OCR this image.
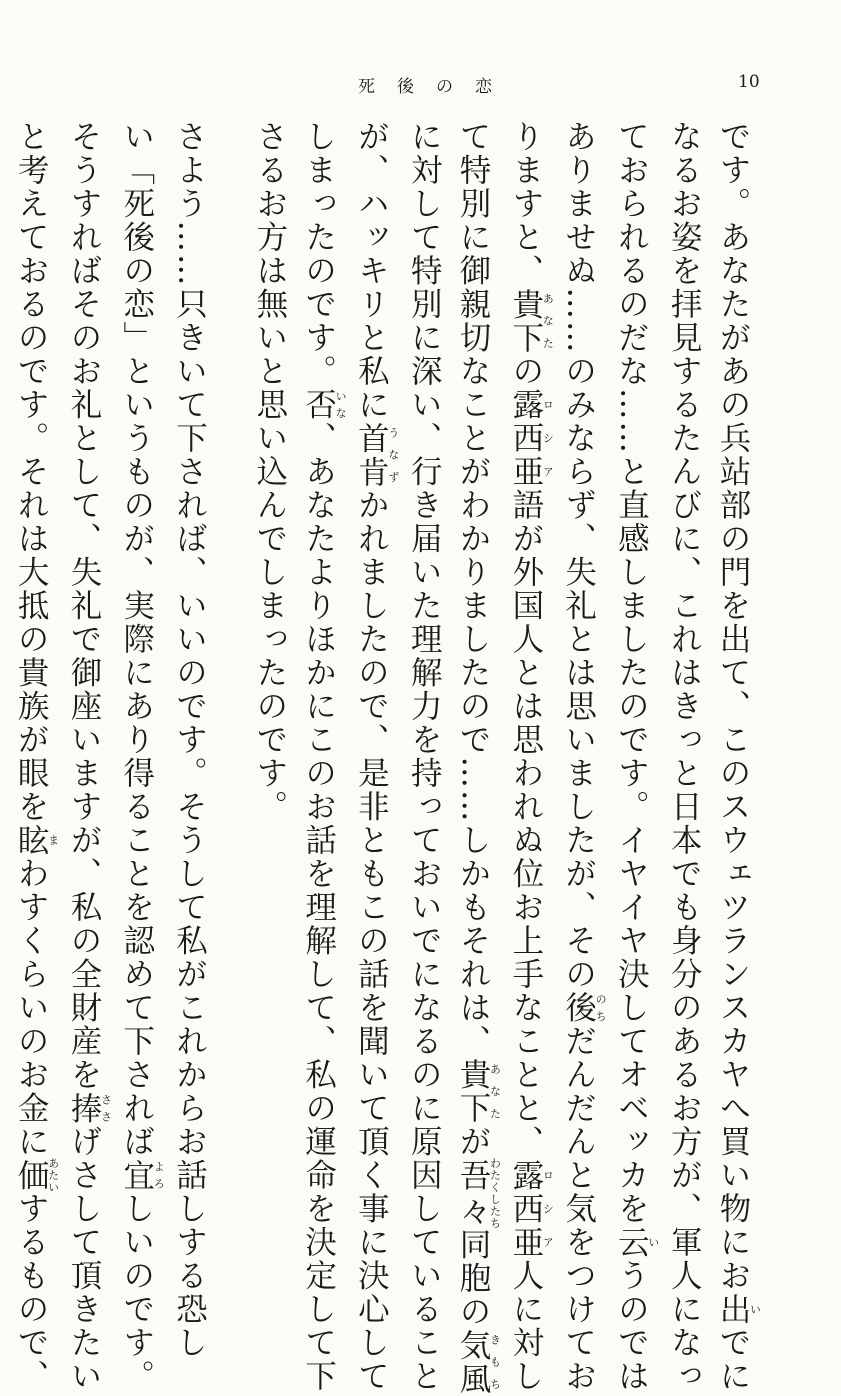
死後の恋	10
です。あなたがあの兵站部の門を出て、このスウェツランスカヤへ買い物にお出いでに
なるお姿を拝見するたんびに、これはきっと日本でも身分のあるお方が、軍人になっ
ておられるのだな……と直感しましたのです。イヤイヤ決してオベッカを云いうのでは
ありませぬ……のみならず、失礼とは思いましたが、その後のちだんだんと気をつけてお
りますと、貴下あなたの露西亜ロシア語が外国人とは思われぬ位お上手なことと、露西亜ロシア人に対し
て特別に御親切なことがわかりましたので……しかもそれは、貴下あなたが吾々わたくしたち同胞の気風きもち
に対して特別に深い、行き届いた理解力を持っておいでになるのに原因していること
が、ハッキリと私に首肯うなずかれましたので、是非ともこの話を聞いて頂く事に決心して
しまったのです。否いな、あなたよりほかにこのお話を理解して、私の運命を決定して下
さるお方は無いと思い込んでしまったのです。
さよう……只きいて下されば、いいのです。そうして私がこれからお話しする恐し
い「死後の恋」というものが、実際にあり得ることを認めて下されば宜よろしいのです。
そうすればそのお礼として、失礼で御座いますが、私の全財産を捧ささげさして頂きたい
と考えておるのです。それは大抵の貴族が眼を眩まわすくらいのお金に価あたいするもので、
